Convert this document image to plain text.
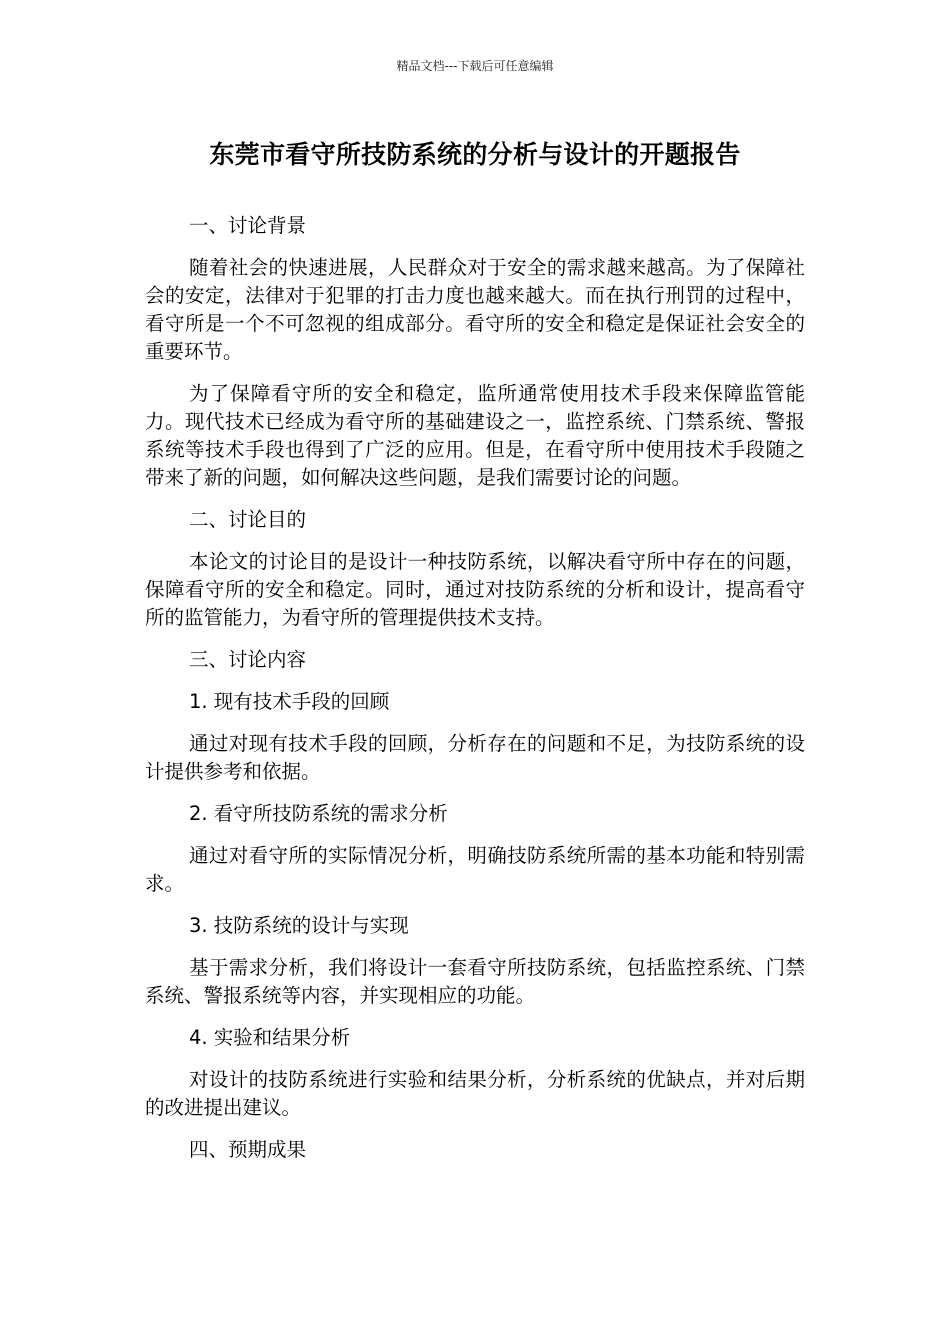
精品文档---下载后可任意编辑
东莞市看守所技防系统的分析与设计的开题报告

一、讨论背景

随着社会的快速进展，人民群众对于安全的需求越来越高。为了保障社会的安定，法律对于犯罪的打击力度也越来越大。而在执行刑罚的过程中，看守所是一个不可忽视的组成部分。看守所的安全和稳定是保证社会安全的重要环节。

为了保障看守所的安全和稳定，监所通常使用技术手段来保障监管能力。现代技术已经成为看守所的基础建设之一，监控系统、门禁系统、警报系统等技术手段也得到了广泛的应用。但是，在看守所中使用技术手段随之带来了新的问题，如何解决这些问题，是我们需要讨论的问题。

二、讨论目的

本论文的讨论目的是设计一种技防系统，以解决看守所中存在的问题，保障看守所的安全和稳定。同时，通过对技防系统的分析和设计，提高看守所的监管能力，为看守所的管理提供技术支持。

三、讨论内容

1. 现有技术手段的回顾

通过对现有技术手段的回顾，分析存在的问题和不足，为技防系统的设计提供参考和依据。

2. 看守所技防系统的需求分析

通过对看守所的实际情况分析，明确技防系统所需的基本功能和特别需求。

3. 技防系统的设计与实现

基于需求分析，我们将设计一套看守所技防系统，包括监控系统、门禁系统、警报系统等内容，并实现相应的功能。

4. 实验和结果分析

对设计的技防系统进行实验和结果分析，分析系统的优缺点，并对后期的改进提出建议。

四、预期成果
